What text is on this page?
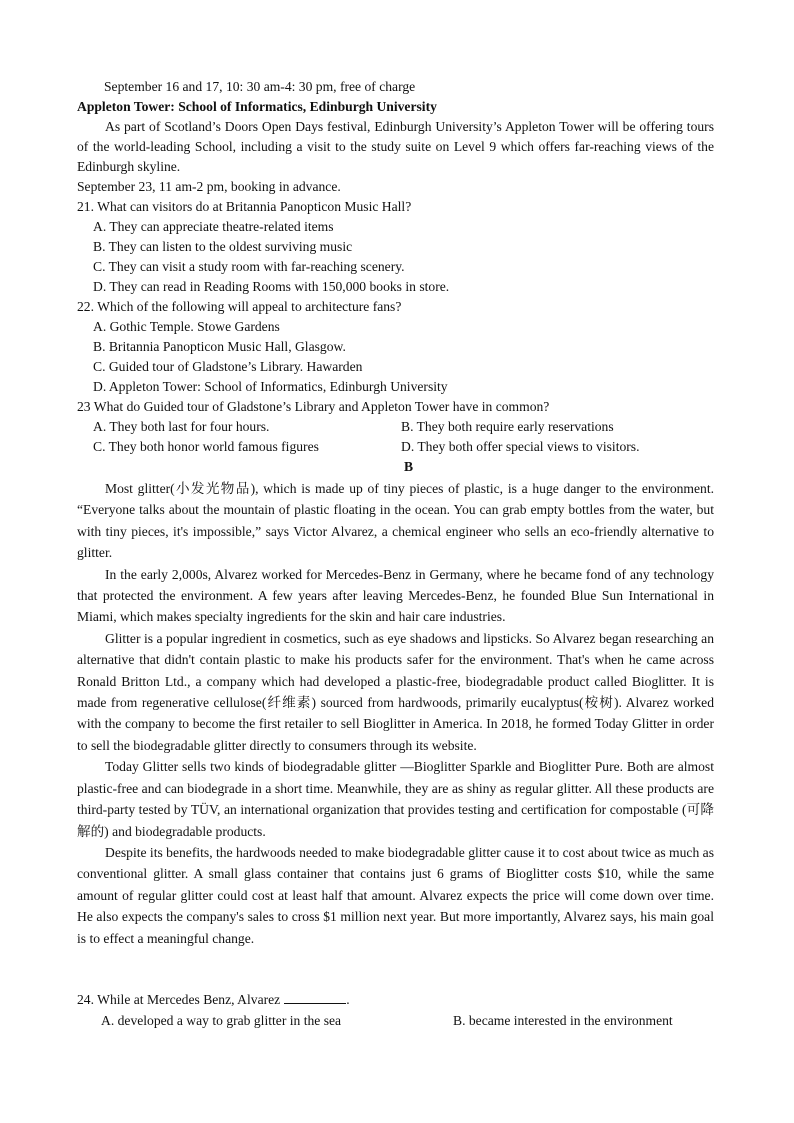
September 16 and 17, 10: 30 am-4: 30 pm, free of charge
Appleton Tower: School of Informatics, Edinburgh University

As part of Scotland’s Doors Open Days festival, Edinburgh University’s Appleton Tower will be offering tours of the world-leading School, including a visit to the study suite on Level 9 which offers far-reaching views of the Edinburgh skyline.

September 23, 11 am-2 pm, booking in advance.
21. What can visitors do at Britannia Panopticon Music Hall?
A. They can appreciate theatre-related items
B. They can listen to the oldest surviving music
C. They can visit a study room with far-reaching scenery.
D. They can read in Reading Rooms with 150,000 books in store.
22. Which of the following will appeal to architecture fans?
A. Gothic Temple. Stowe Gardens
B. Britannia Panopticon Music Hall, Glasgow.
C. Guided tour of Gladstone’s Library. Hawarden
D. Appleton Tower: School of Informatics, Edinburgh University
23 What do Guided tour of Gladstone’s Library and Appleton Tower have in common?
A. They both last for four hours.	B. They both require early reservations
C. They both honor world famous figures	D. They both offer special views to visitors.
B

Most glitter(小发光物品), which is made up of tiny pieces of plastic, is a huge danger to the environment. “Everyone talks about the mountain of plastic floating in the ocean. You can grab empty bottles from the water, but with tiny pieces, it's impossible,” says Victor Alvarez, a chemical engineer who sells an eco-friendly alternative to glitter.

In the early 2,000s, Alvarez worked for Mercedes-Benz in Germany, where he became fond of any technology that protected the environment. A few years after leaving Mercedes-Benz, he founded Blue Sun International in Miami, which makes specialty ingredients for the skin and hair care industries.

Glitter is a popular ingredient in cosmetics, such as eye shadows and lipsticks. So Alvarez began researching an alternative that didn't contain plastic to make his products safer for the environment. That's when he came across Ronald Britton Ltd., a company which had developed a plastic-free, biodegradable product called Bioglitter. It is made from regenerative cellulose(纤维素) sourced from hardwoods, primarily eucalyptus(桉树). Alvarez worked with the company to become the first retailer to sell Bioglitter in America. In 2018, he formed Today Glitter in order to sell the biodegradable glitter directly to consumers through its website.

Today Glitter sells two kinds of biodegradable glitter —Bioglitter Sparkle and Bioglitter Pure. Both are almost plastic-free and can biodegrade in a short time. Meanwhile, they are as shiny as regular glitter. All these products are third-party tested by TÜV, an international organization that provides testing and certification for compostable (可降解的) and biodegradable products.

Despite its benefits, the hardwoods needed to make biodegradable glitter cause it to cost about twice as much as conventional glitter. A small glass container that contains just 6 grams of Bioglitter costs $10, while the same amount of regular glitter could cost at least half that amount. Alvarez expects the price will come down over time. He also expects the company's sales to cross $1 million next year. But more importantly, Alvarez says, his main goal is to effect a meaningful change.

24. While at Mercedes Benz, Alvarez	.
A. developed a way to grab glitter in the sea	B. became interested in the environment
